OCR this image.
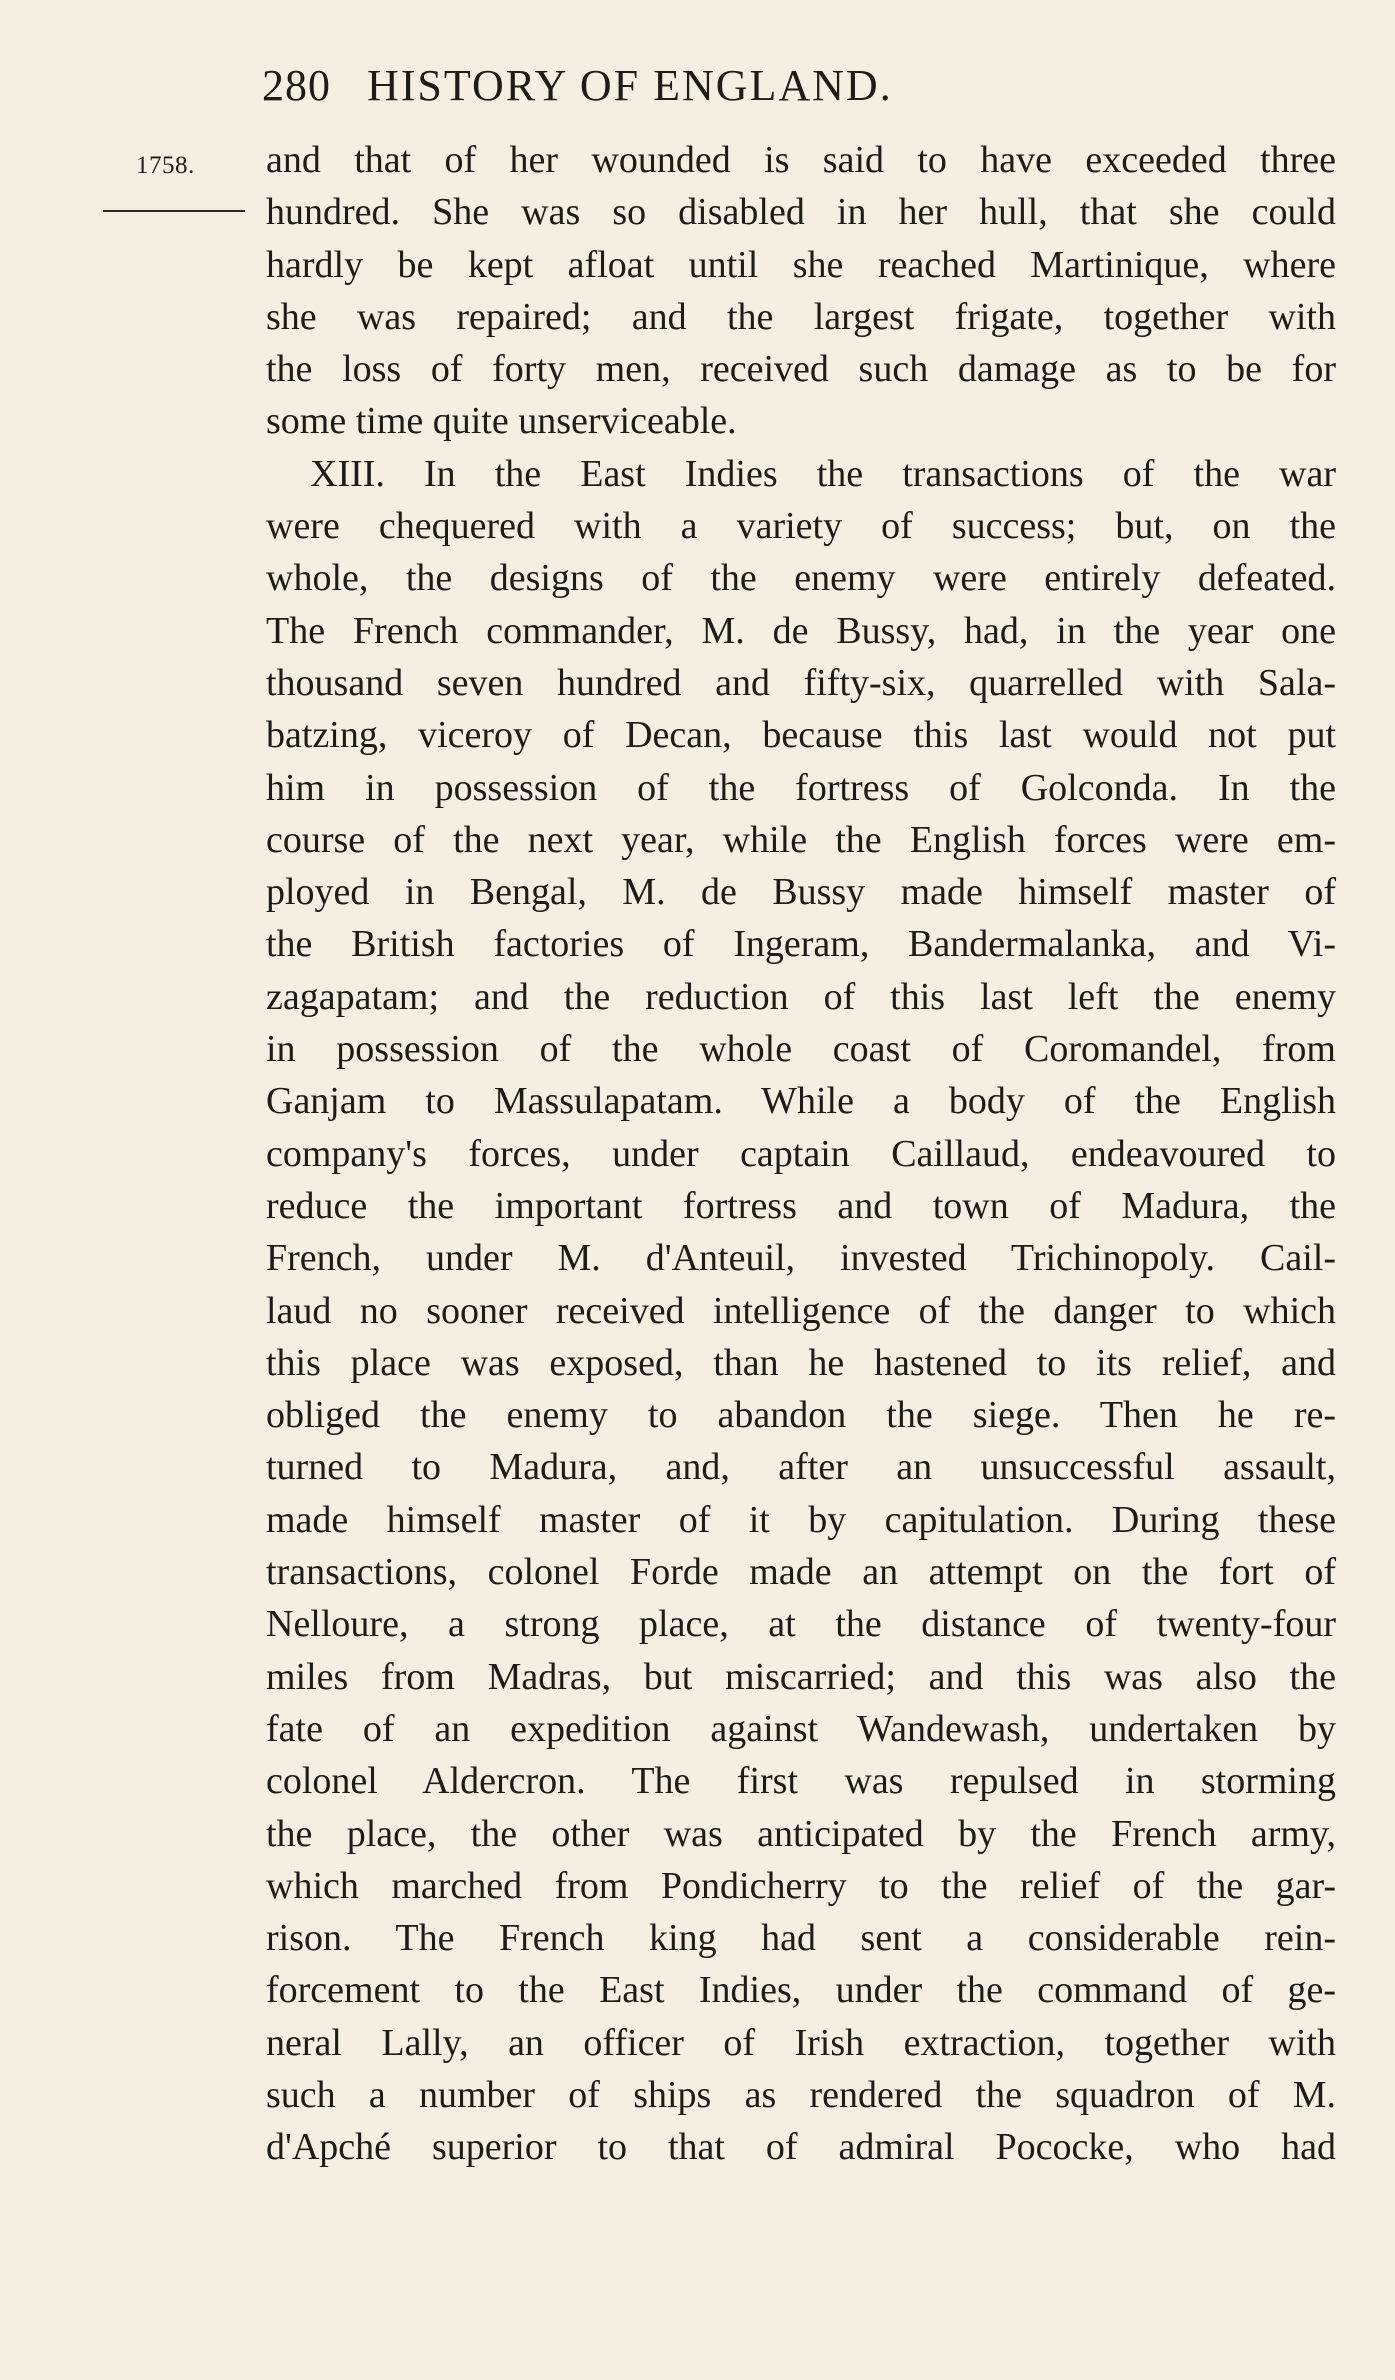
280 HISTORY OF ENGLAND.
1758. and that of her wounded is said to have exceeded three
hundred. She was so disabled in her hull, that she could
hardly be kept afloat until she reached Martinique, where
she was repaired; and the largest frigate, together with
the loss of forty men, received such damage as to be for
some time quite unserviceable.
XIII. In the East Indies the transactions of the war
were chequered with a variety of success; but, on the
whole, the designs of the enemy were entirely defeated.
The French commander, M. de Bussy, had, in the year one
thousand seven hundred and fifty-six, quarrelled with Sala-
batzing, viceroy of Decan, because this last would not put
him in possession of the fortress of Golconda. In the
course of the next year, while the English forces were em-
ployed in Bengal, M. de Bussy made himself master of
the British factories of Ingeram, Bandermalanka, and Vi-
zagapatam; and the reduction of this last left the enemy
in possession of the whole coast of Coromandel, from
Ganjam to Massulapatam. While a body of the English
company's forces, under captain Caillaud, endeavoured to
reduce the important fortress and town of Madura, the
French, under M. d'Anteuil, invested Trichinopoly. Cail-
laud no sooner received intelligence of the danger to which
this place was exposed, than he hastened to its relief, and
obliged the enemy to abandon the siege. Then he re-
turned to Madura, and, after an unsuccessful assault,
made himself master of it by capitulation. During these
transactions, colonel Forde made an attempt on the fort of
Nelloure, a strong place, at the distance of twenty-four
miles from Madras, but miscarried; and this was also the
fate of an expedition against Wandewash, undertaken by
colonel Aldercron. The first was repulsed in storming
the place, the other was anticipated by the French army,
which marched from Pondicherry to the relief of the gar-
rison. The French king had sent a considerable rein-
forcement to the East Indies, under the command of ge-
neral Lally, an officer of Irish extraction, together with
such a number of ships as rendered the squadron of M.
d'Apché superior to that of admiral Pococke, who had
